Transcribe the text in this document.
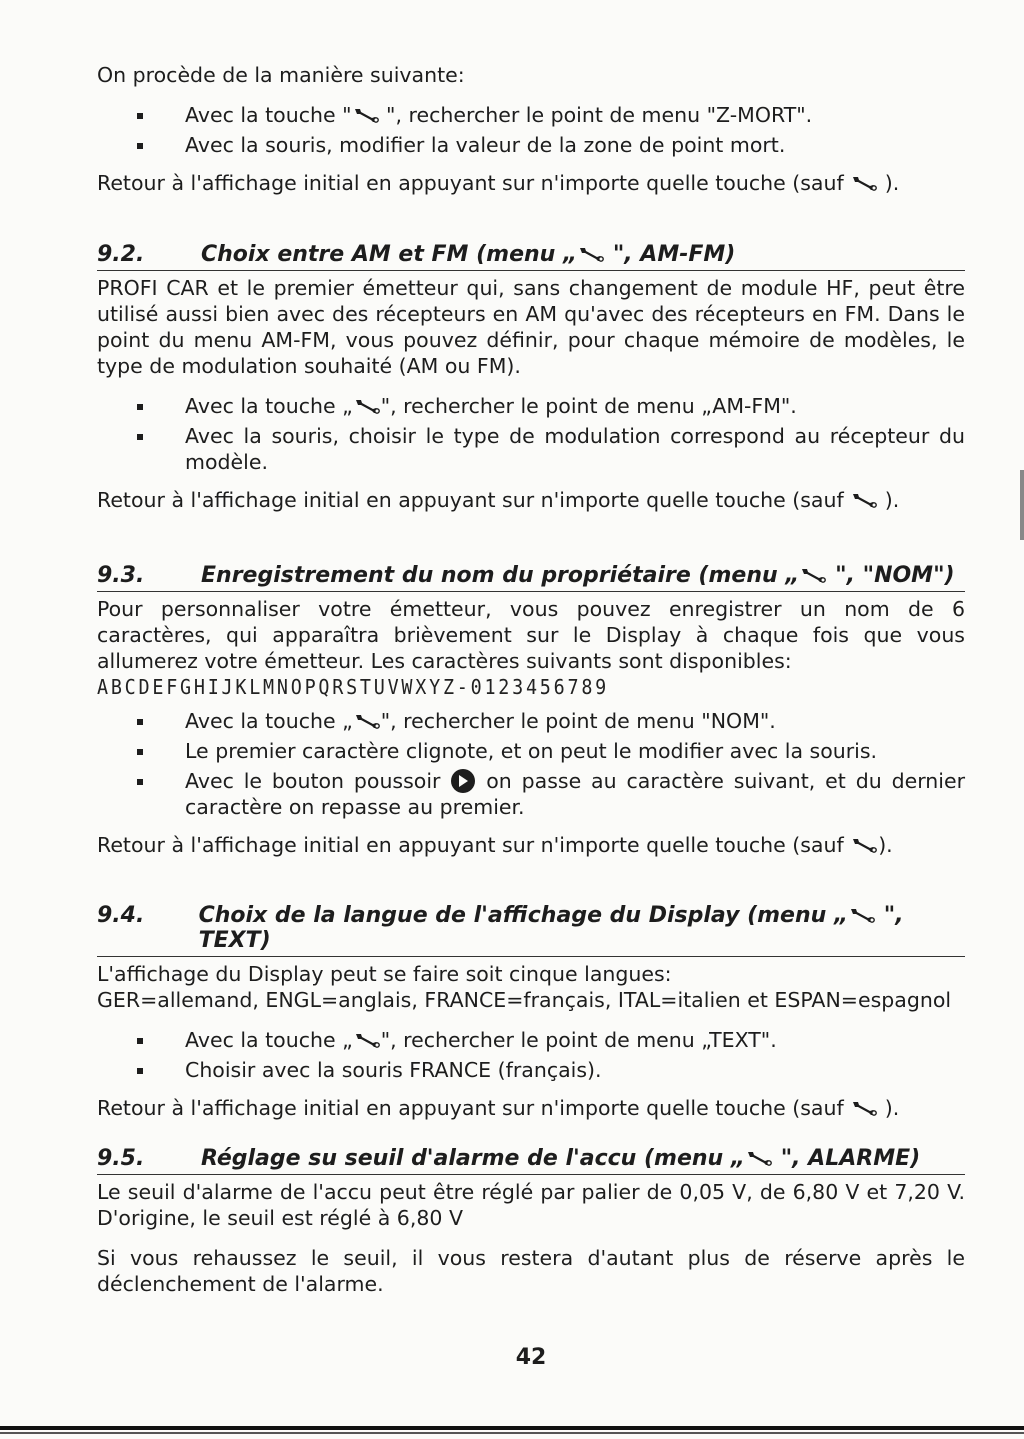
On procède de la manière suivante:

Avec la touche " ", rechercher le point de menu "Z-MORT".
Avec la souris, modifier la valeur de la zone de point mort.

Retour à l'affichage initial en appuyant sur n'importe quelle touche (sauf  ).

9.2.	Choix entre AM et FM (menu „ ", AM-FM)

PROFI CAR et le premier émetteur qui, sans changement de module HF, peut être utilisé aussi bien avec des récepteurs en AM qu'avec des récepteurs en FM. Dans le point du menu AM-FM, vous pouvez définir, pour chaque mémoire de modèles, le type de modulation souhaité (AM ou FM).

Avec la touche „ ", rechercher le point de menu „AM-FM".
Avec la souris, choisir le type de modulation correspond au récepteur du modèle.

Retour à l'affichage initial en appuyant sur n'importe quelle touche (sauf  ).

9.3.	Enregistrement du nom du propriétaire (menu „ ", "NOM")

Pour personnaliser votre émetteur, vous pouvez enregistrer un nom de 6 caractères, qui apparaîtra brièvement sur le Display à chaque fois que vous allumerez votre émetteur. Les caractères suivants sont disponibles:

ABCDEFGHIJKLMNOPQRSTUVWXYZ-0123456789
Avec la touche „ ", rechercher le point de menu "NOM".
Le premier caractère clignote, et on peut le modifier avec la souris.
Avec le bouton poussoir  on passe au caractère suivant, et du dernier caractère on repasse au premier.

Retour à l'affichage initial en appuyant sur n'importe quelle touche (sauf ).

9.4.	Choix de la langue de l'affichage du Display (menu „ ", TEXT)

L'affichage du Display peut se faire soit cinque langues:

GER=allemand, ENGL=anglais, FRANCE=français, ITAL=italien et ESPAN=espagnol

Avec la touche „ ", rechercher le point de menu „TEXT".
Choisir avec la souris FRANCE (français).

Retour à l'affichage initial en appuyant sur n'importe quelle touche (sauf  ).

9.5.	Réglage su seuil d'alarme de l'accu (menu „ ", ALARME)

Le seuil d'alarme de l'accu peut être réglé par palier de 0,05 V, de 6,80 V et 7,20 V. D'origine, le seuil est réglé à 6,80 V

Si vous rehaussez le seuil, il vous restera d'autant plus de réserve après le déclenchement de l'alarme.

42
